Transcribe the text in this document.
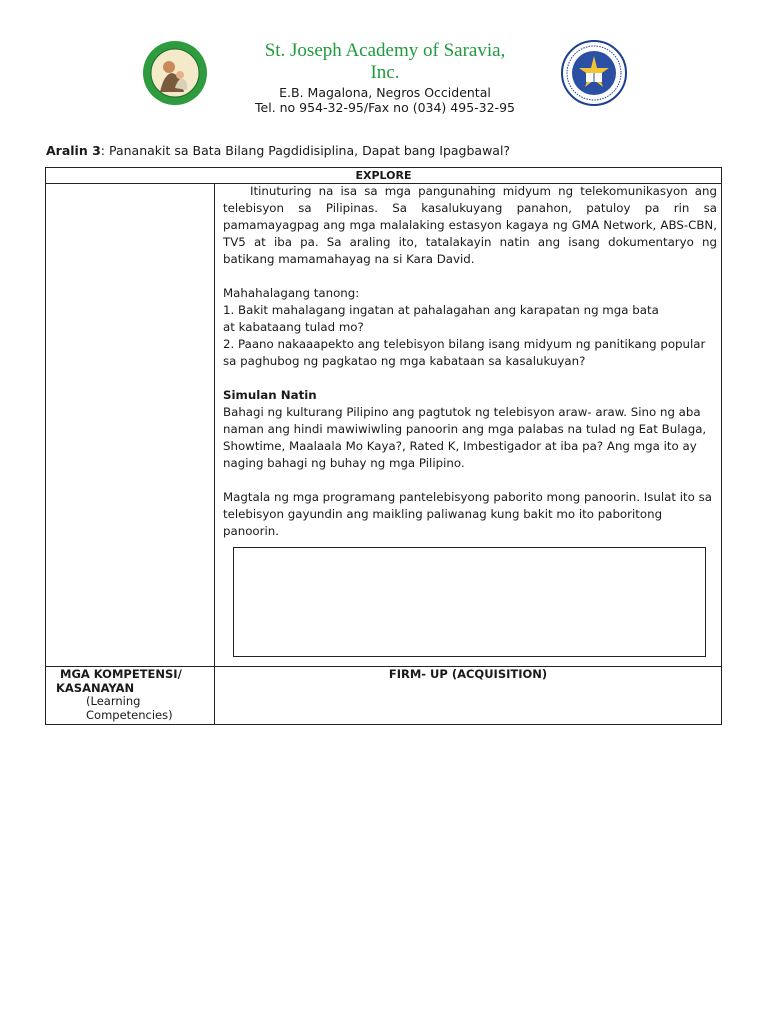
St. Joseph Academy of Saravia,
Inc.
E.B. Magalona, Negros Occidental
Tel. no 954-32-95/Fax no (034) 495-32-95
Aralin 3: Pananakit sa Bata Bilang Pagdidisiplina, Dapat bang Ipagbawal?
EXPLORE

Itinuturing na isa sa mga pangunahing midyum ng telekomunikasyon ang telebisyon sa Pilipinas. Sa kasalukuyang panahon, patuloy pa rin sa pamamayagpag ang mga malalaking estasyon kagaya ng GMA Network, ABS-CBN, TV5 at iba pa. Sa araling ito, tatalakayin natin ang isang dokumentaryo ng batikang mamamahayag na si Kara David.

Mahahalagang tanong:

1. Bakit mahalagang ingatan at pahalagahan ang karapatan ng mga bata

at kabataang tulad mo?

2. Paano nakaaapekto ang telebisyon bilang isang midyum ng panitikang popular sa paghubog ng pagkatao ng mga kabataan sa kasalukuyan?

Simulan Natin

Bahagi ng kulturang Pilipino ang pagtutok ng telebisyon araw- araw. Sino ng aba naman ang hindi mawiwiwling panoorin ang mga palabas na tulad ng Eat Bulaga, Showtime, Maalaala Mo Kaya?, Rated K, Imbestigador at iba pa? Ang mga ito ay naging bahagi ng buhay ng mga Pilipino.

Magtala ng mga programang pantelebisyong paborito mong panoorin. Isulat ito sa telebisyon gayundin ang maikling paliwanag kung bakit mo ito paboritong panoorin.

MGA KOMPETENSI/
KASANAYAN
(Learning
Competencies)
FIRM- UP (ACQUISITION)
